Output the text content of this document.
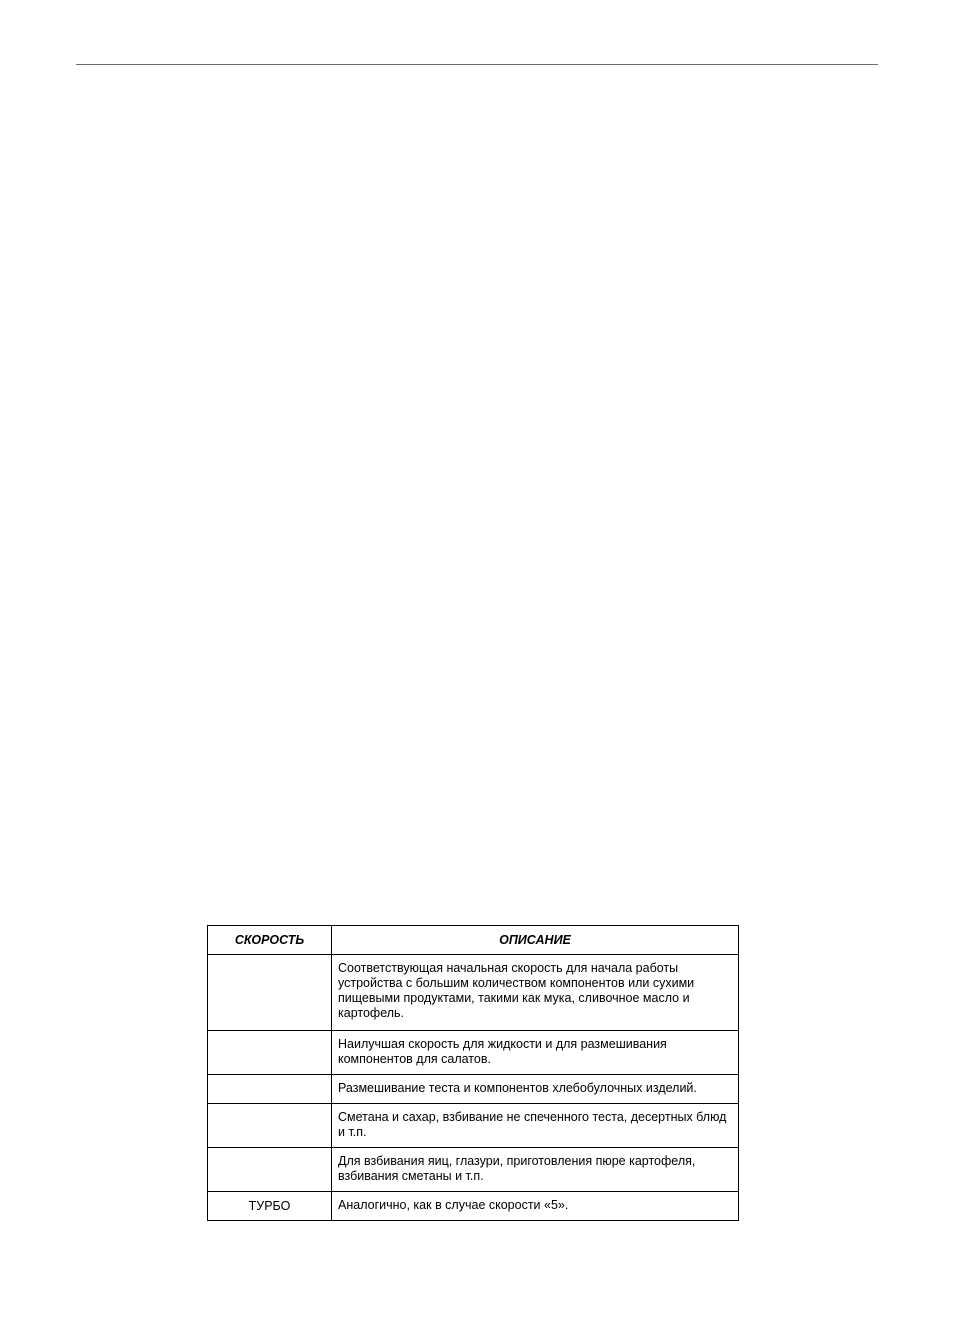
СКОРОСТЬ	ОПИСАНИЕ
	Соответствующая начальная скорость для начала работы устройства с большим количеством компонентов или сухими пищевыми продуктами, такими как мука, сливочное масло и картофель.
	Наилучшая скорость для жидкости и для размешивания компонентов для салатов.
	Размешивание теста и компонентов хлебобулочных изделий.
	Сметана и сахар, взбивание не спеченного теста, десертных блюд и т.п.
	Для взбивания яиц, глазури, приготовления пюре картофеля, взбивания сметаны и т.п.
ТУРБО	Аналогично, как в случае скорости «5».
